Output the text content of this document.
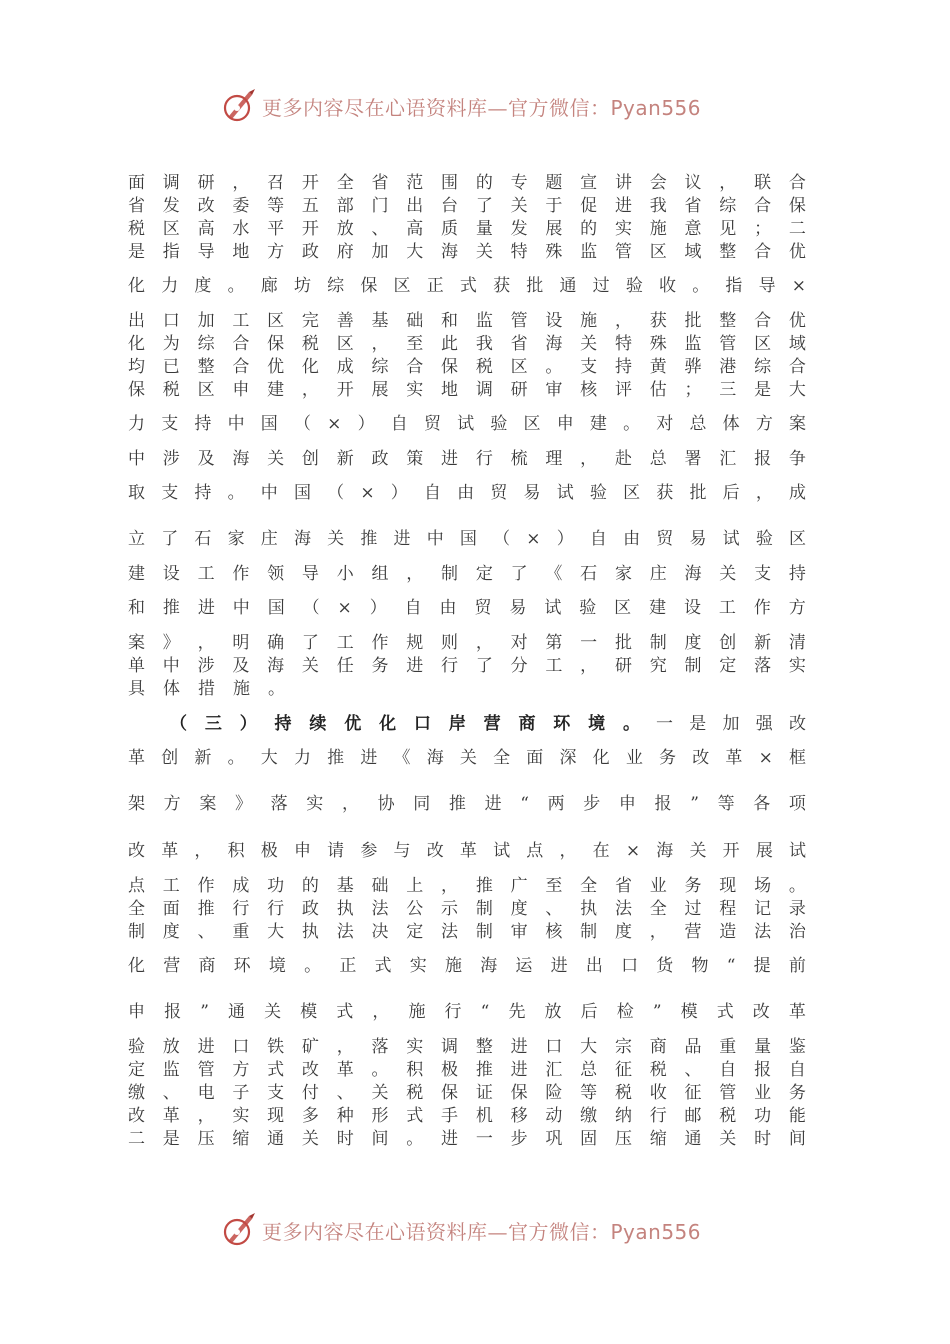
更多内容尽在心语资料库—官方微信：Pyan556
面 调 研 ， 召 开 全 省 范 围 的 专 题 宣 讲 会 议 ， 联 合
省 发 改 委 等 五 部 门 出 台 了 关 于 促 进 我 省 综 合 保
税 区 高 水 平 开 放 、 高 质 量 发 展 的 实 施 意 见 ； 二
是 指 导 地 方 政 府 加 大 海 关 特 殊 监 管 区 域 整 合 优
化 力 度 。 廊 坊 综 保 区 正 式 获 批 通 过 验 收 。 指 导 ×
出 口 加 工 区 完 善 基 础 和 监 管 设 施 ， 获 批 整 合 优
化 为 综 合 保 税 区 ， 至 此 我 省 海 关 特 殊 监 管 区 域
均 已 整 合 优 化 成 综 合 保 税 区 。 支 持 黄 骅 港 综 合
保 税 区 申 建 ， 开 展 实 地 调 研 审 核 评 估 ； 三 是 大
力 支 持 中 国 （ × ） 自 贸 试 验 区 申 建 。 对 总 体 方 案
中 涉 及 海 关 创 新 政 策 进 行 梳 理 ， 赴 总 署 汇 报 争
取 支 持 。 中 国 （ × ） 自 由 贸 易 试 验 区 获 批 后 ， 成
立 了 石 家 庄 海 关 推 进 中 国 （ × ） 自 由 贸 易 试 验 区
建 设 工 作 领 导 小 组 ， 制 定 了 《 石 家 庄 海 关 支 持
和 推 进 中 国 （ × ） 自 由 贸 易 试 验 区 建 设 工 作 方
案 》 ， 明 确 了 工 作 规 则 ， 对 第 一 批 制 度 创 新 清
单 中 涉 及 海 关 任 务 进 行 了 分 工 ， 研 究 制 定 落 实
具 体 措 施 。
（ 三 ） 持 续 优 化 口 岸 营 商 环 境 。 一 是 加 强 改
革 创 新 。 大 力 推 进 《 海 关 全 面 深 化 业 务 改 革 × 框
架 方 案 》 落 实 ， 协 同 推 进 “ 两 步 申 报 ” 等 各 项
改 革 ， 积 极 申 请 参 与 改 革 试 点 ， 在 × 海 关 开 展 试
点 工 作 成 功 的 基 础 上 ， 推 广 至 全 省 业 务 现 场 。
全 面 推 行 行 政 执 法 公 示 制 度 、 执 法 全 过 程 记 录
制 度 、 重 大 执 法 决 定 法 制 审 核 制 度 ， 营 造 法 治
化 营 商 环 境 。 正 式 实 施 海 运 进 出 口 货 物 “ 提 前
申 报 ” 通 关 模 式 ， 施 行 “ 先 放 后 检 ” 模 式 改 革
验 放 进 口 铁 矿 ， 落 实 调 整 进 口 大 宗 商 品 重 量 鉴
定 监 管 方 式 改 革 。 积 极 推 进 汇 总 征 税 、 自 报 自
缴 、 电 子 支 付 、 关 税 保 证 保 险 等 税 收 征 管 业 务
改 革 ， 实 现 多 种 形 式 手 机 移 动 缴 纳 行 邮 税 功 能
二 是 压 缩 通 关 时 间 。 进 一 步 巩 固 压 缩 通 关 时 间
更多内容尽在心语资料库—官方微信：Pyan556
